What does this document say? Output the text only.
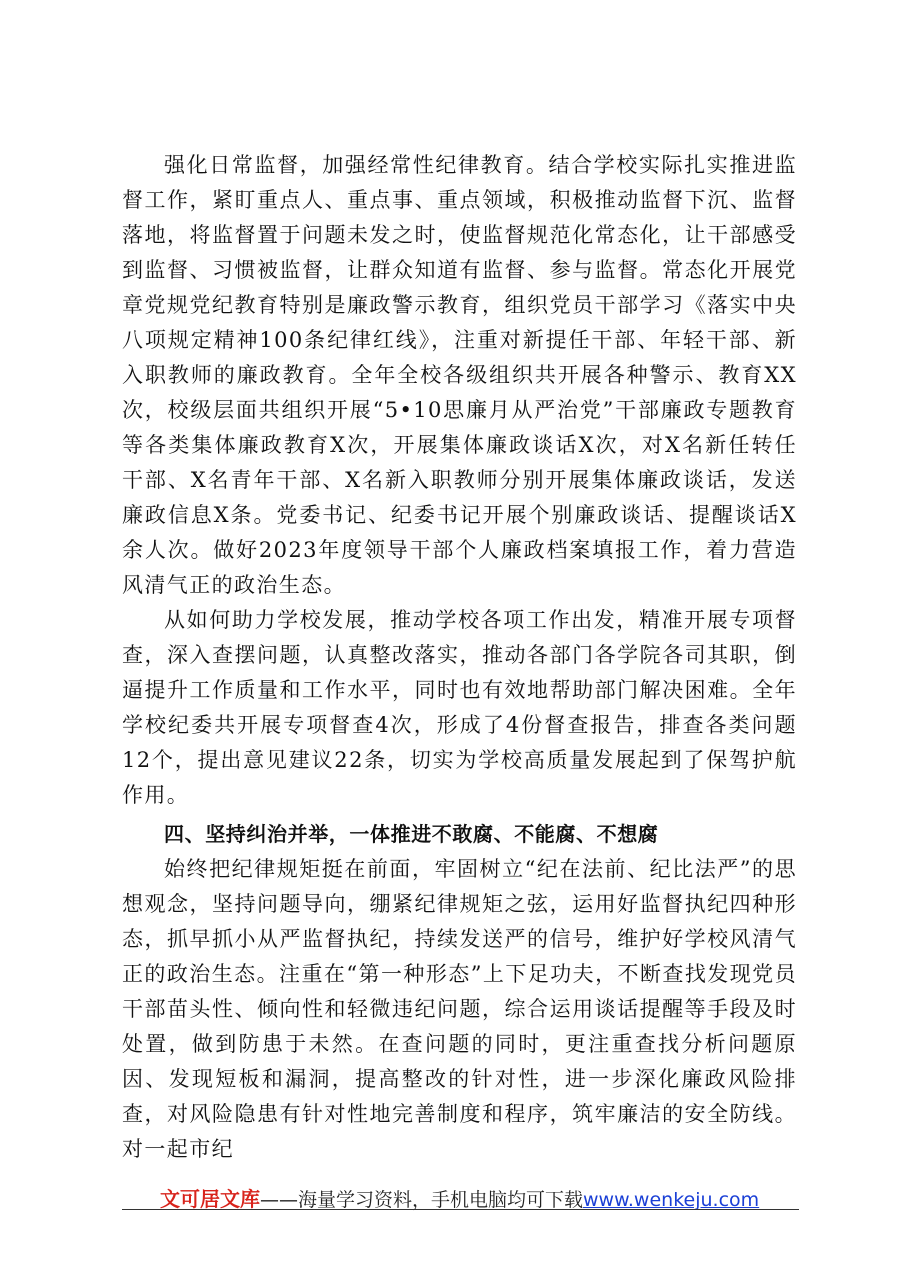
强化日常监督，加强经常性纪律教育。结合学校实际扎实推进监督工作，紧盯重点人、重点事、重点领域，积极推动监督下沉、监督落地，将监督置于问题未发之时，使监督规范化常态化，让干部感受到监督、习惯被监督，让群众知道有监督、参与监督。常态化开展党章党规党纪教育特别是廉政警示教育，组织党员干部学习《落实中央八项规定精神100条纪律红线》，注重对新提任干部、年轻干部、新入职教师的廉政教育。全年全校各级组织共开展各种警示、教育XX次，校级层面共组织开展“5•10思廉月从严治党”干部廉政专题教育等各类集体廉政教育X次，开展集体廉政谈话X次，对X名新任转任干部、X名青年干部、X名新入职教师分别开展集体廉政谈话，发送廉政信息X条。党委书记、纪委书记开展个别廉政谈话、提醒谈话X余人次。做好2023年度领导干部个人廉政档案填报工作，着力营造风清气正的政治生态。

从如何助力学校发展，推动学校各项工作出发，精准开展专项督查，深入查摆问题，认真整改落实，推动各部门各学院各司其职，倒逼提升工作质量和工作水平，同时也有效地帮助部门解决困难。全年学校纪委共开展专项督查4次，形成了4份督查报告，排查各类问题12个，提出意见建议22条，切实为学校高质量发展起到了保驾护航作用。

四、坚持纠治并举，一体推进不敢腐、不能腐、不想腐

始终把纪律规矩挺在前面，牢固树立“纪在法前、纪比法严”的思想观念，坚持问题导向，绷紧纪律规矩之弦，运用好监督执纪四种形态，抓早抓小从严监督执纪，持续发送严的信号，维护好学校风清气正的政治生态。注重在“第一种形态”上下足功夫，不断查找发现党员干部苗头性、倾向性和轻微违纪问题，综合运用谈话提醒等手段及时处置，做到防患于未然。在查问题的同时，更注重查找分析问题原因、发现短板和漏洞，提高整改的针对性，进一步深化廉政风险排查，对风险隐患有针对性地完善制度和程序，筑牢廉洁的安全防线。对一起市纪

文可居文库——海量学习资料，手机电脑均可下载www.wenkeju.com
